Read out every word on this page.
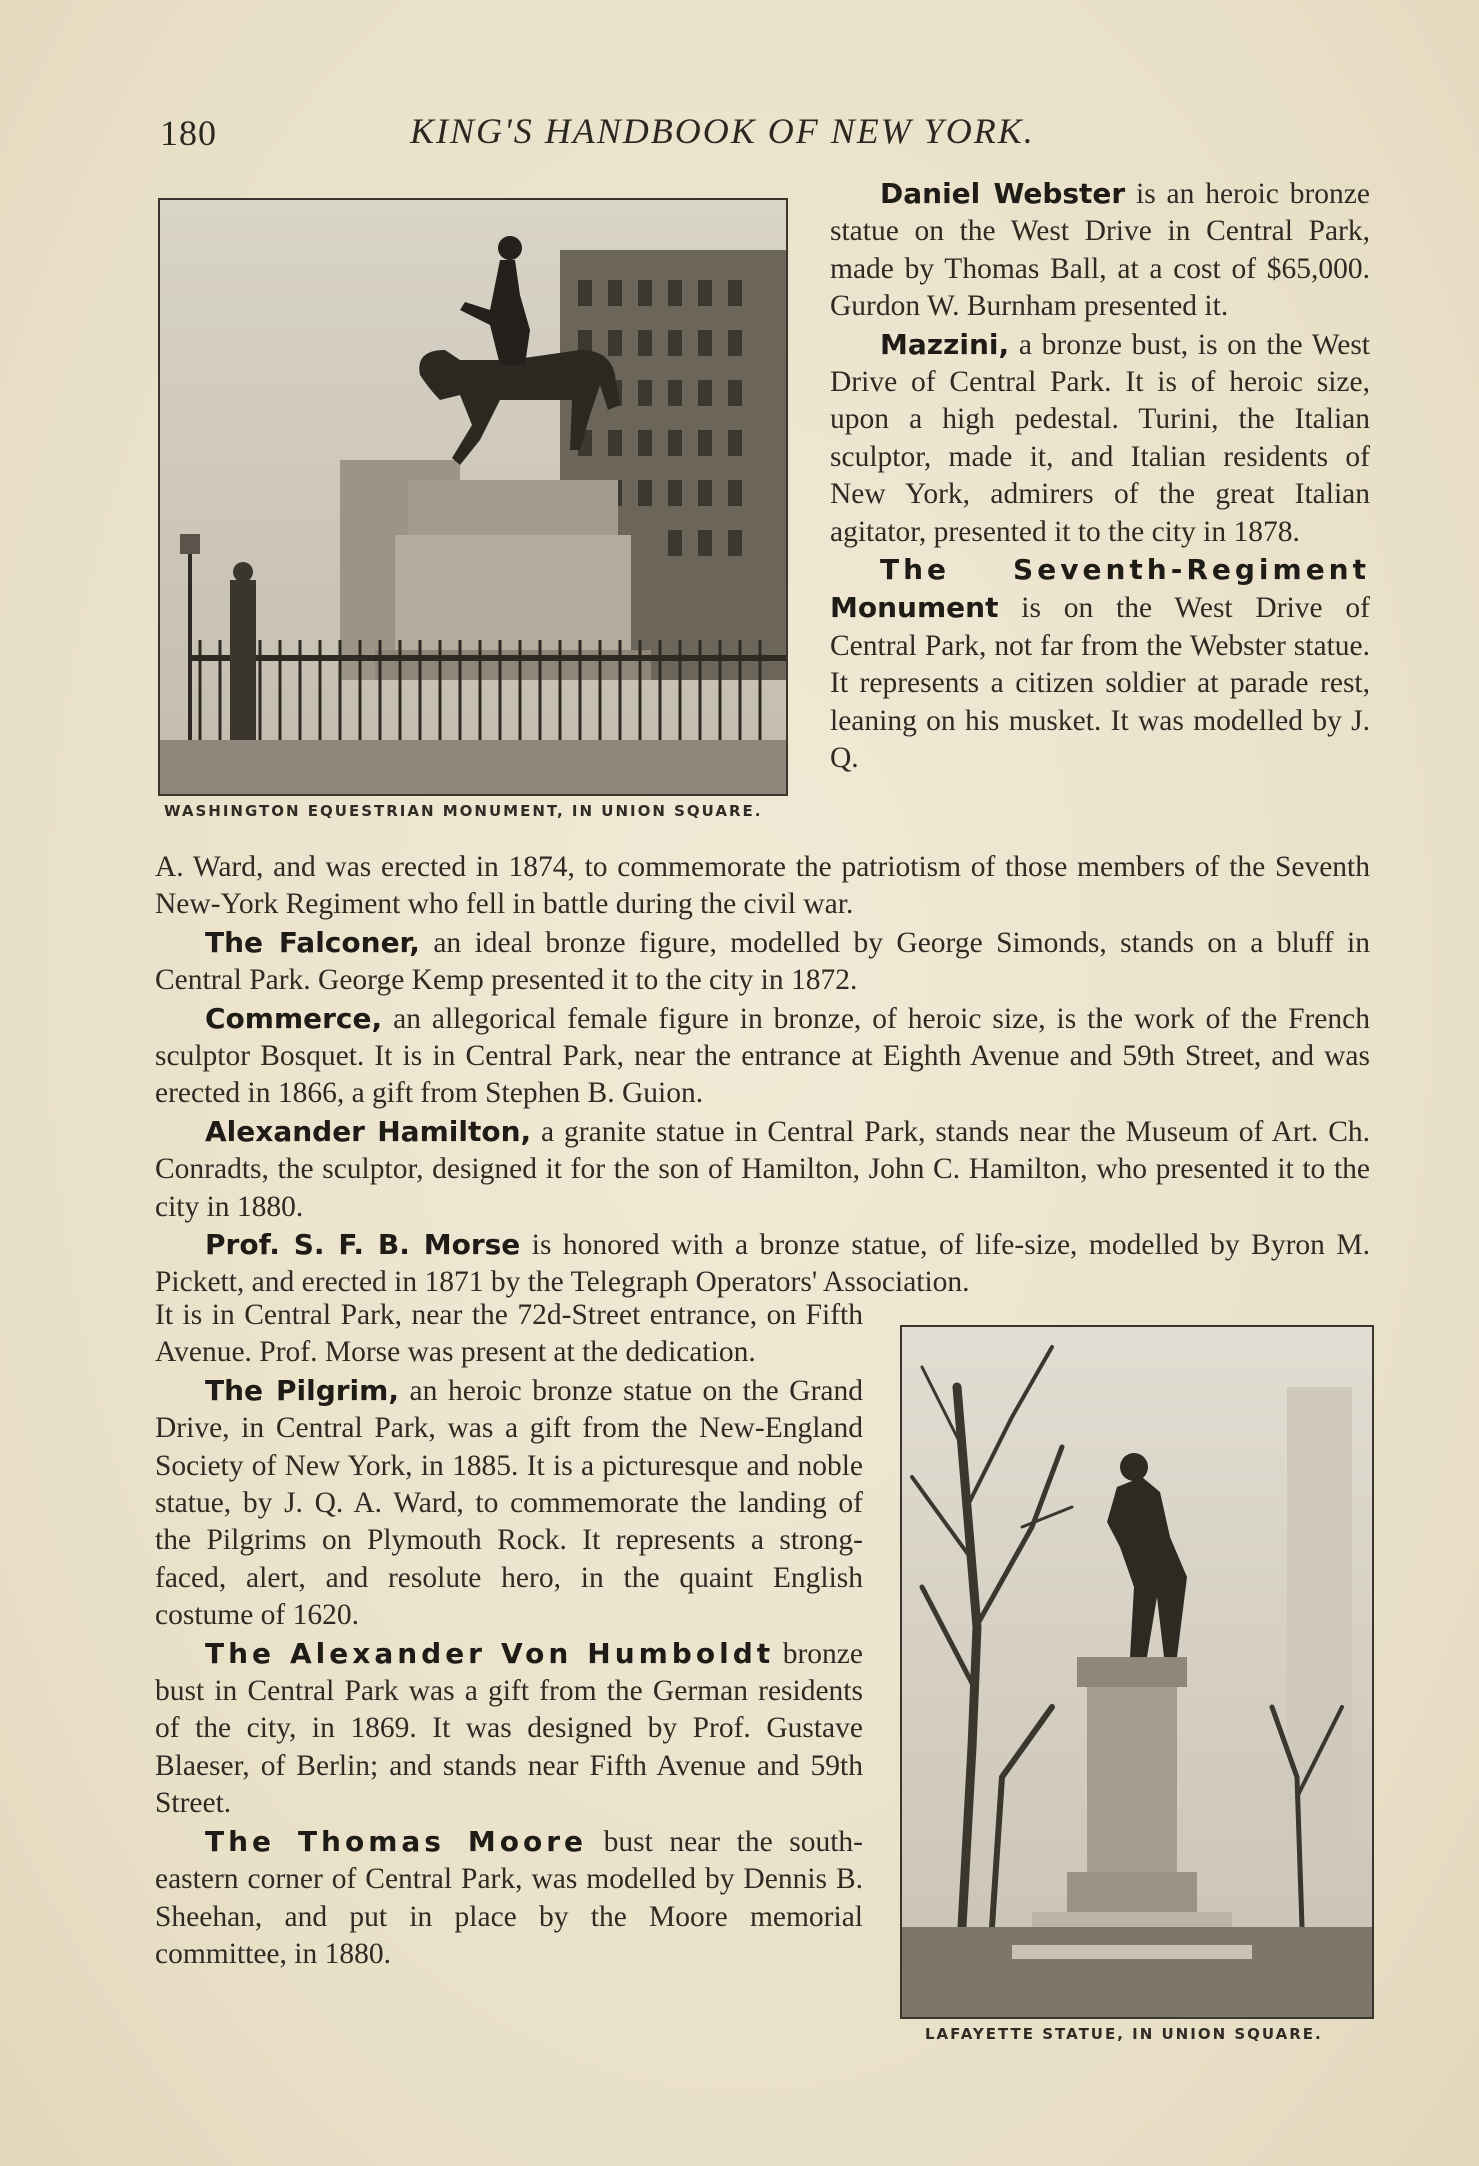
180	KING'S HANDBOOK OF NEW YORK.
WASHINGTON EQUESTRIAN MONUMENT, IN UNION SQUARE.

Daniel Webster is an heroic bronze statue on the West Drive in Central Park, made by Thomas Ball, at a cost of $65,000. Gurdon W. Burnham presented it.

Mazzini, a bronze bust, is on the West Drive of Central Park. It is of heroic size, upon a high pedestal. Turini, the Italian sculptor, made it, and Italian residents of New York, admirers of the great Italian agitator, presented it to the city in 1878.

The Seventh-Regiment Monument is on the West Drive of Central Park, not far from the Webster statue. It represents a citizen soldier at parade rest, leaning on his musket. It was modelled by J. Q.

A. Ward, and was erected in 1874, to commemorate the patriotism of those members of the Seventh New-York Regiment who fell in battle during the civil war.

The Falconer, an ideal bronze figure, modelled by George Simonds, stands on a bluff in Central Park. George Kemp presented it to the city in 1872.

Commerce, an allegorical female figure in bronze, of heroic size, is the work of the French sculptor Bosquet. It is in Central Park, near the entrance at Eighth Avenue and 59th Street, and was erected in 1866, a gift from Stephen B. Guion.

Alexander Hamilton, a granite statue in Central Park, stands near the Museum of Art. Ch. Conradts, the sculptor, designed it for the son of Hamilton, John C. Hamilton, who presented it to the city in 1880.

Prof. S. F. B. Morse is honored with a bronze statue, of life-size, modelled by Byron M. Pickett, and erected in 1871 by the Telegraph Operators' Association.

It is in Central Park, near the 72d-Street entrance, on Fifth Avenue. Prof. Morse was present at the dedication.

The Pilgrim, an heroic bronze statue on the Grand Drive, in Central Park, was a gift from the New-England Society of New York, in 1885. It is a picturesque and noble statue, by J. Q. A. Ward, to commemorate the landing of the Pilgrims on Plymouth Rock. It represents a strong-faced, alert, and resolute hero, in the quaint English costume of 1620.

The Alexander Von Humboldt bronze bust in Central Park was a gift from the German residents of the city, in 1869. It was designed by Prof. Gustave Blaeser, of Berlin; and stands near Fifth Avenue and 59th Street.

The Thomas Moore bust near the south-eastern corner of Central Park, was modelled by Dennis B. Sheehan, and put in place by the Moore memorial committee, in 1880.

LAFAYETTE STATUE, IN UNION SQUARE.
